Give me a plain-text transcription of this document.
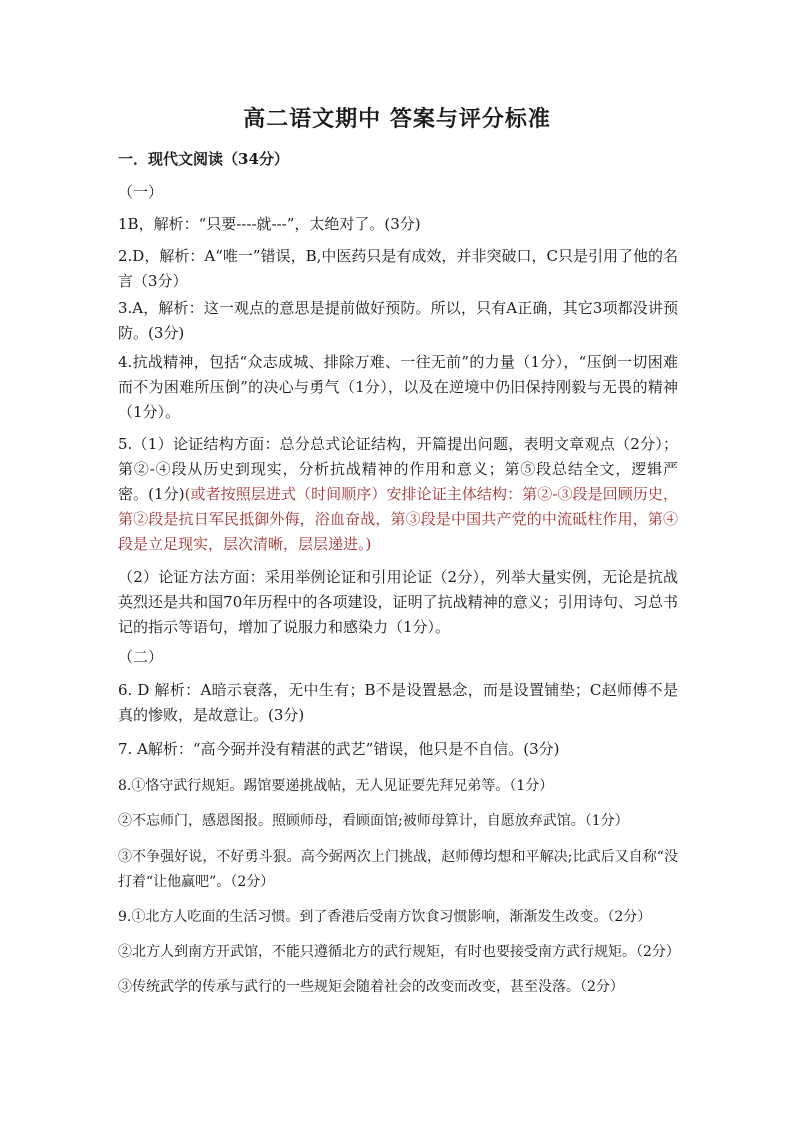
高二语文期中 答案与评分标准
一．现代文阅读（34分）
（一）
1B，解析：“只要----就---”，太绝对了。(3分)
2.D，解析：A“唯一”错误，B,中医药只是有成效，并非突破口，C只是引用了他的名言（3分）
3.A，解析：这一观点的意思是提前做好预防。所以，只有A正确，其它3项都没讲预防。(3分)
4.抗战精神，包括“众志成城、排除万难、一往无前”的力量（1分），“压倒一切困难而不为困难所压倒”的决心与勇气（1分），以及在逆境中仍旧保持刚毅与无畏的精神（1分）。
5.（1）论证结构方面：总分总式论证结构，开篇提出问题，表明文章观点（2分）；第②-④段从历史到现实，分析抗战精神的作用和意义；第⑤段总结全文，逻辑严密。(1分)(或者按照层进式（时间顺序）安排论证主体结构：第②-③段是回顾历史，第②段是抗日军民抵御外侮，浴血奋战，第③段是中国共产党的中流砥柱作用，第④段是立足现实，层次清晰，层层递进。)
（2）论证方法方面：采用举例论证和引用论证（2分），列举大量实例，无论是抗战英烈还是共和国70年历程中的各项建设，证明了抗战精神的意义；引用诗句、习总书记的指示等语句，增加了说服力和感染力（1分）。
（二）
6. D 解析：A暗示衰落，无中生有；B不是设置悬念，而是设置铺垫；C赵师傅不是真的惨败，是故意让。(3分)
7. A解析：“高今弼并没有精湛的武艺”错误，他只是不自信。(3分)
8.①恪守武行规矩。踢馆要递挑战帖，无人见证要先拜兄弟等。（1分）
②不忘师门，感恩图报。照顾师母，看顾面馆;被师母算计，自愿放弃武馆。（1分）
③不争强好说，不好勇斗狠。高今弼两次上门挑战，赵师傅均想和平解决;比武后又自称“没打着“让他赢吧”。（2分）
9.①北方人吃面的生活习惯。到了香港后受南方饮食习惯影响，渐渐发生改变。（2分）
②北方人到南方开武馆，不能只遵循北方的武行规矩，有时也要接受南方武行规矩。（2分）
③传统武学的传承与武行的一些规矩会随着社会的改变而改变，甚至没落。（2分）
